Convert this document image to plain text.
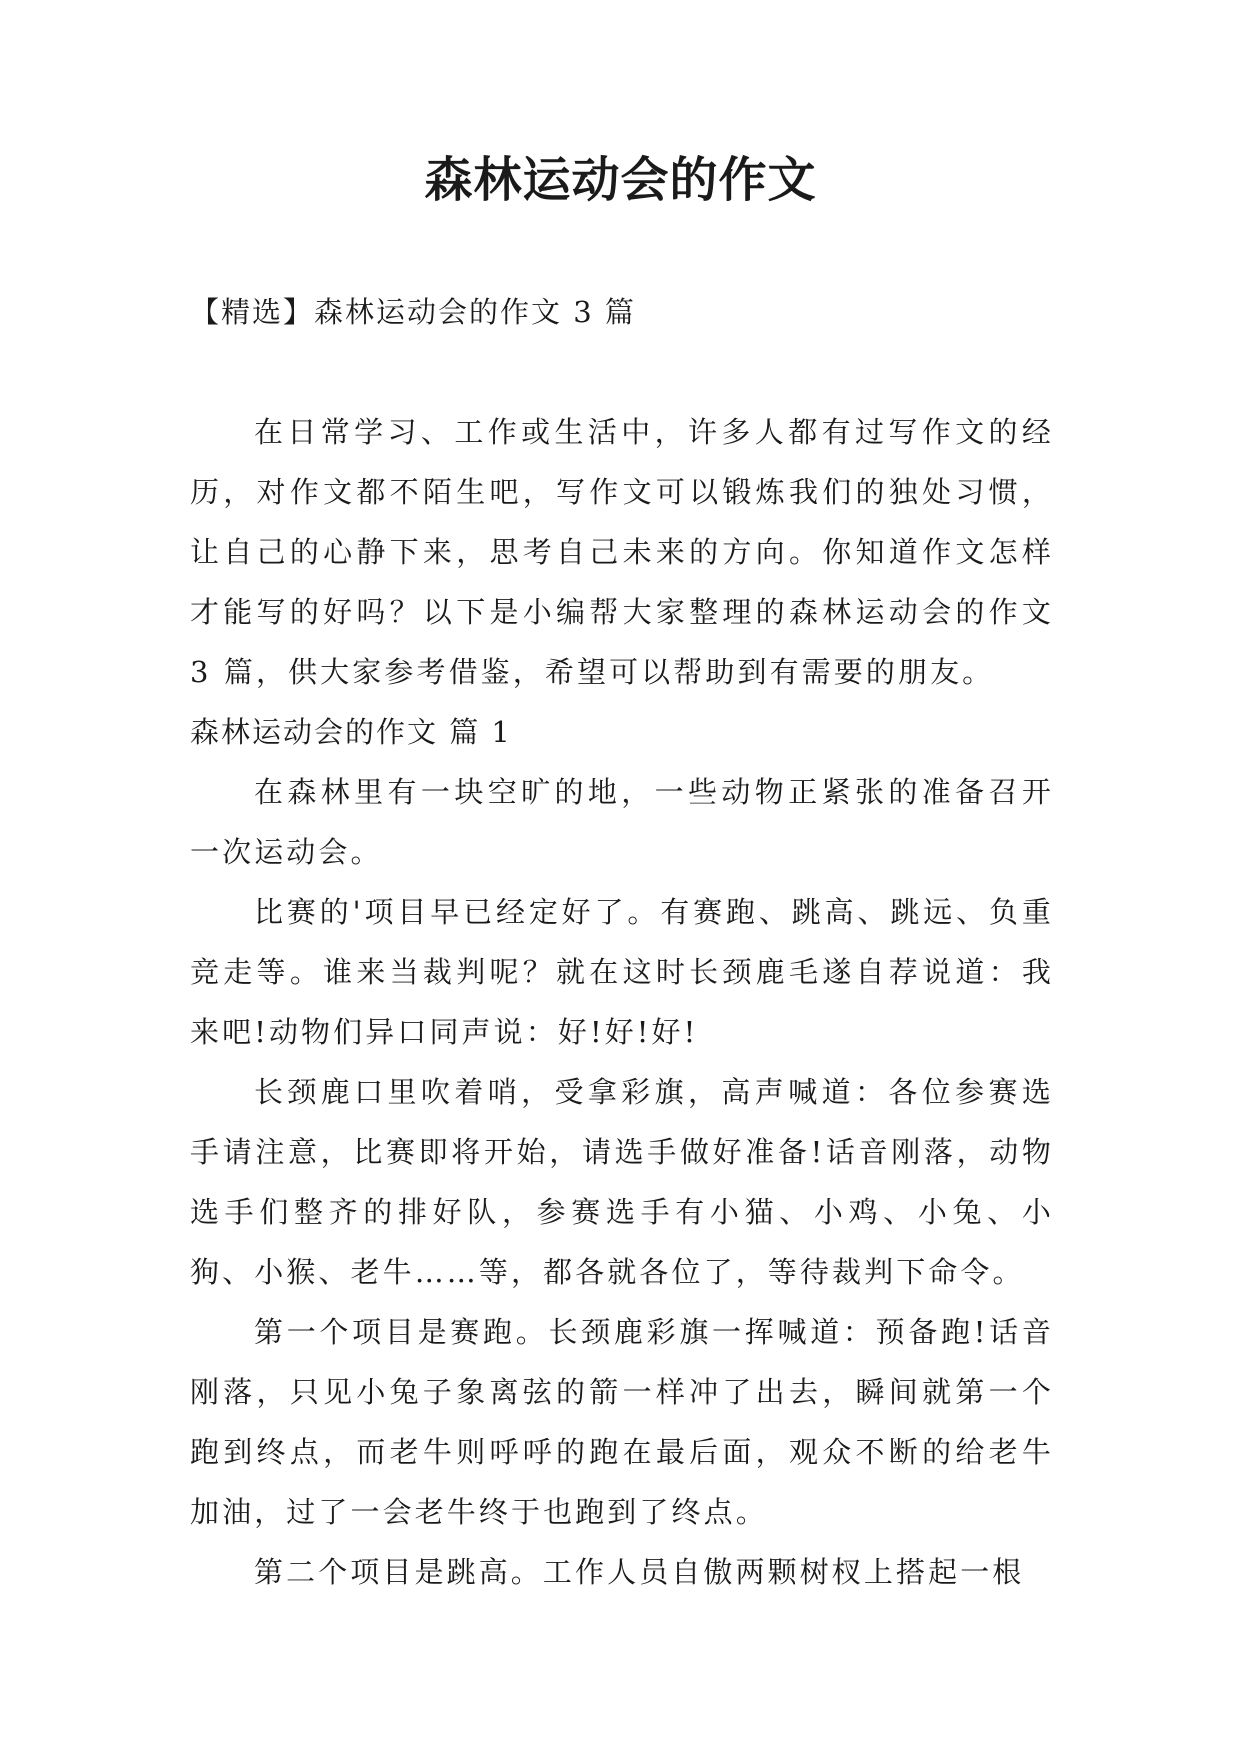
森林运动会的作文
【精选】森林运动会的作文 3 篇

在日常学习、工作或生活中，许多人都有过写作文的经历，对作文都不陌生吧，写作文可以锻炼我们的独处习惯，让自己的心静下来，思考自己未来的方向。你知道作文怎样才能写的好吗？以下是小编帮大家整理的森林运动会的作文 3 篇，供大家参考借鉴，希望可以帮助到有需要的朋友。

森林运动会的作文 篇 1

在森林里有一块空旷的地，一些动物正紧张的准备召开一次运动会。

比赛的'项目早已经定好了。有赛跑、跳高、跳远、负重竞走等。谁来当裁判呢？就在这时长颈鹿毛遂自荐说道：我来吧!动物们异口同声说：好!好!好!

长颈鹿口里吹着哨，受拿彩旗，高声喊道：各位参赛选手请注意，比赛即将开始，请选手做好准备!话音刚落，动物选手们整齐的排好队，参赛选手有小猫、小鸡、小兔、小狗、小猴、老牛……等，都各就各位了，等待裁判下命令。

第一个项目是赛跑。长颈鹿彩旗一挥喊道：预备跑!话音刚落，只见小兔子象离弦的箭一样冲了出去，瞬间就第一个跑到终点，而老牛则呼呼的跑在最后面，观众不断的给老牛加油，过了一会老牛终于也跑到了终点。

第二个项目是跳高。工作人员自傲两颗树杈上搭起一根
